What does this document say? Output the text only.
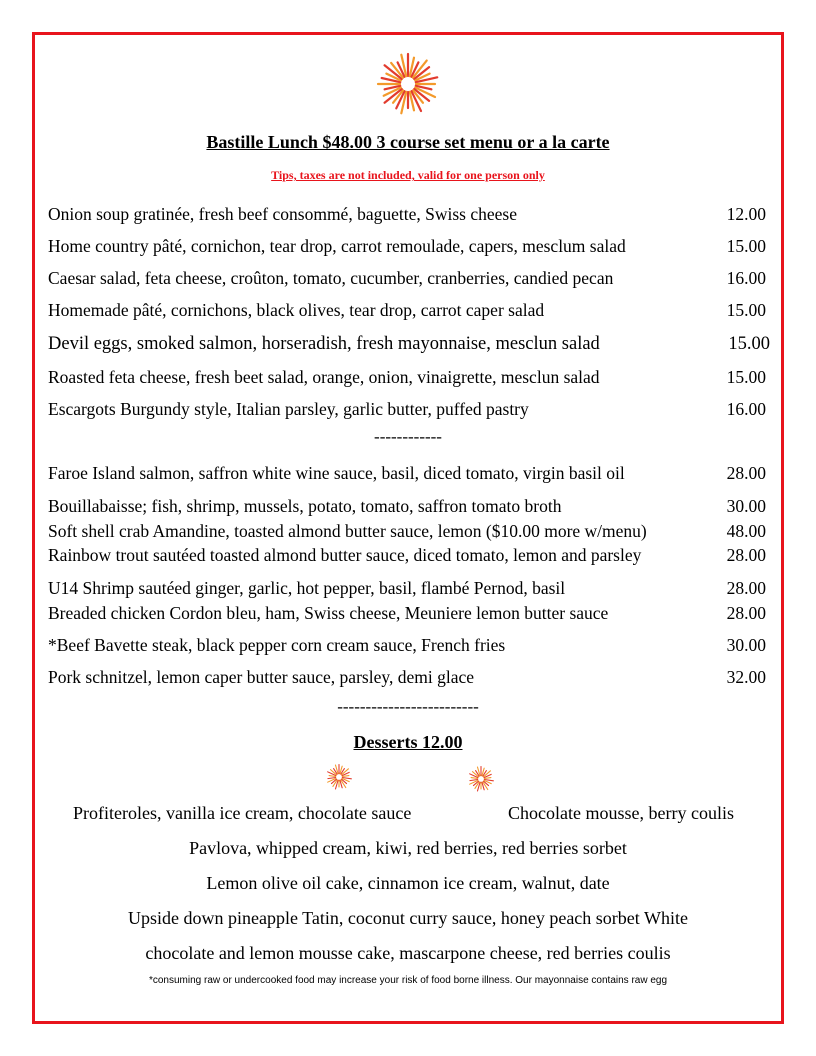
Bastille Lunch $48.00 3 course set menu or a la carte
Tips, taxes are not included, valid for one person only
Onion soup gratinée, fresh beef consommé, baguette, Swiss cheese	12.00
Home country pâté, cornichon, tear drop, carrot remoulade, capers, mesclum salad	15.00
Caesar salad, feta cheese, croûton, tomato, cucumber, cranberries, candied pecan	16.00
Homemade pâté, cornichons, black olives, tear drop, carrot caper salad	15.00
Devil eggs, smoked salmon, horseradish, fresh mayonnaise, mesclun salad	15.00
Roasted feta cheese, fresh beet salad, orange, onion, vinaigrette, mesclun salad	15.00
Escargots Burgundy style, Italian parsley, garlic butter, puffed pastry	16.00
------------
Faroe Island salmon, saffron white wine sauce, basil, diced tomato, virgin basil oil	28.00
Bouillabaisse; fish, shrimp, mussels, potato, tomato, saffron tomato broth	30.00
Soft shell crab Amandine, toasted almond butter sauce, lemon ($10.00 more w/menu)	48.00
Rainbow trout sautéed toasted almond butter sauce, diced tomato, lemon and parsley	28.00
U14 Shrimp sautéed ginger, garlic, hot pepper, basil, flambé Pernod, basil	28.00
Breaded chicken Cordon bleu, ham, Swiss cheese, Meuniere lemon butter sauce	28.00
*Beef Bavette steak, black pepper corn cream sauce, French fries	30.00
Pork schnitzel, lemon caper butter sauce, parsley, demi glace	32.00
-------------------------
Desserts 12.00
Profiteroles, vanilla ice cream, chocolate sauce	Chocolate mousse, berry coulis
Pavlova, whipped cream, kiwi, red berries, red berries sorbet
Lemon olive oil cake, cinnamon ice cream, walnut, date
Upside down pineapple Tatin, coconut curry sauce, honey peach sorbet White
chocolate and lemon mousse cake, mascarpone cheese, red berries coulis
*consuming raw or undercooked food may increase your risk of food borne illness. Our mayonnaise contains raw egg
